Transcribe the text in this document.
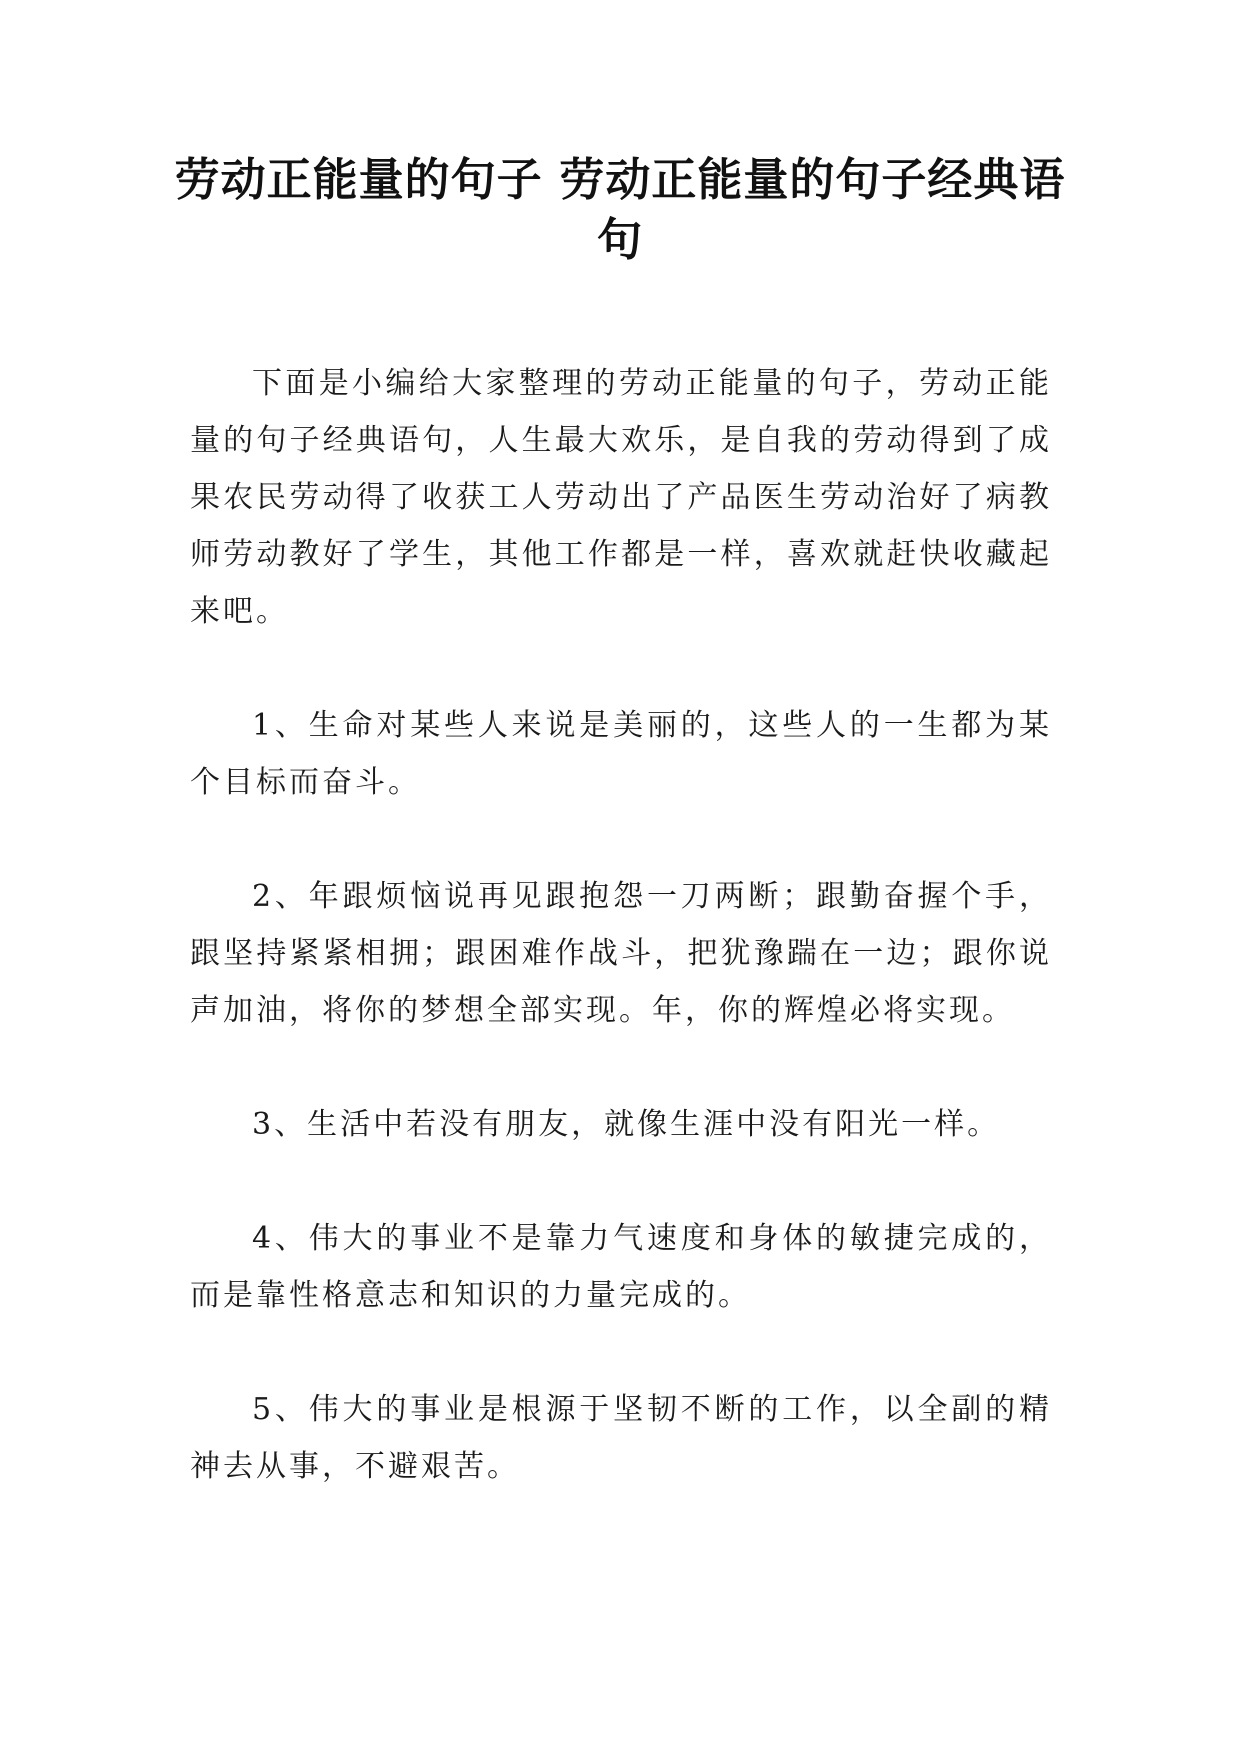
劳动正能量的句子 劳动正能量的句子经典语句

下面是小编给大家整理的劳动正能量的句子，劳动正能量的句子经典语句，人生最大欢乐，是自我的劳动得到了成果农民劳动得了收获工人劳动出了产品医生劳动治好了病教师劳动教好了学生，其他工作都是一样，喜欢就赶快收藏起来吧。

1、生命对某些人来说是美丽的，这些人的一生都为某个目标而奋斗。

2、年跟烦恼说再见跟抱怨一刀两断；跟勤奋握个手，跟坚持紧紧相拥；跟困难作战斗，把犹豫踹在一边；跟你说声加油，将你的梦想全部实现。年，你的辉煌必将实现。

3、生活中若没有朋友，就像生涯中没有阳光一样。

4、伟大的事业不是靠力气速度和身体的敏捷完成的，而是靠性格意志和知识的力量完成的。

5、伟大的事业是根源于坚韧不断的工作，以全副的精神去从事，不避艰苦。
